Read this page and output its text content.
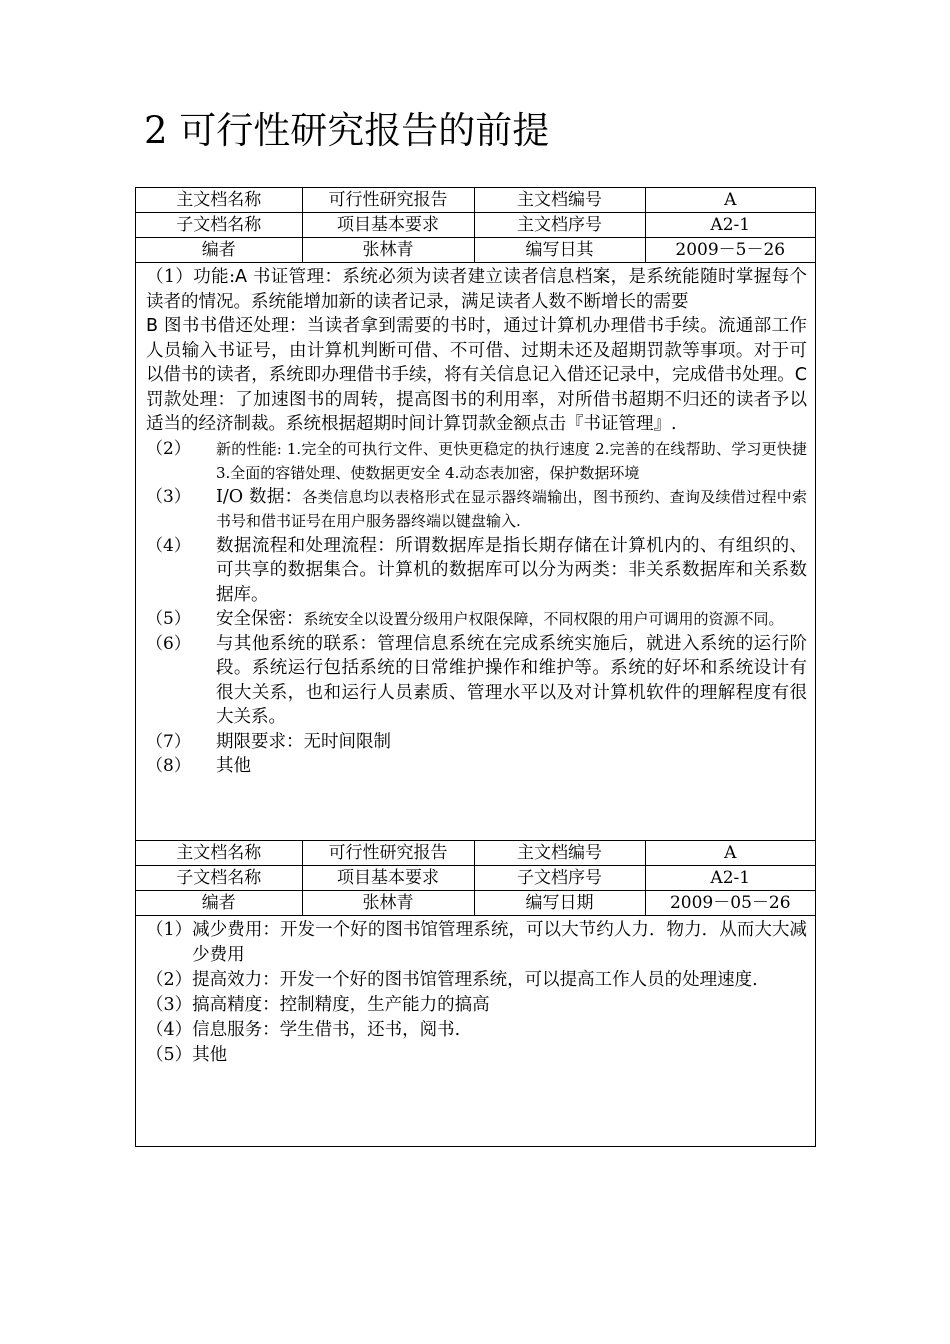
2 可行性研究报告的前提
主文档名称	可行性研究报告	主文档编号	A
子文档名称	项目基本要求	主文档序号	A2-1
编者	张林青	编写日其	2009－5－26
（1）功能:A 书证管理：系统必须为读者建立读者信息档案，是系统能随时掌握每个读者的情况。系统能增加新的读者记录，满足读者人数不断增长的需要
B 图书书借还处理：当读者拿到需要的书时，通过计算机办理借书手续。流通部工作人员输入书证号，由计算机判断可借、不可借、过期未还及超期罚款等事项。对于可以借书的读者，系统即办理借书手续，将有关信息记入借还记录中，完成借书处理。C 罚款处理：了加速图书的周转，提高图书的利用率，对所借书超期不归还的读者予以适当的经济制裁。系统根据超期时间计算罚款金额点击『书证管理』.
（2）	新的性能: 1.完全的可执行文件、更快更稳定的执行速度 2.完善的在线帮助、学习更快捷 3.全面的容错处理、使数据更安全 4.动态表加密，保护数据环境
（3）	I/O 数据：各类信息均以表格形式在显示器终端输出，图书预约、查询及续借过程中索书号和借书证号在用户服务器终端以键盘输入.
（4）	数据流程和处理流程：所谓数据库是指长期存储在计算机内的、有组织的、可共享的数据集合。计算机的数据库可以分为两类：非关系数据库和关系数据库。
（5）	安全保密：系统安全以设置分级用户权限保障，不同权限的用户可调用的资源不同。
（6）	与其他系统的联系：管理信息系统在完成系统实施后，就进入系统的运行阶段。系统运行包括系统的日常维护操作和维护等。系统的好坏和系统设计有很大关系，也和运行人员素质、管理水平以及对计算机软件的理解程度有很大关系。
（7）	期限要求：无时间限制
（8）	其他
主文档名称	可行性研究报告	主文档编号	A
子文档名称	项目基本要求	子文档序号	A2-1
编者	张林青	编写日期	2009－05－26
（1） 减少费用：开发一个好的图书馆管理系统，可以大节约人力．物力．从而大大减少费用
（2） 提高效力：开发一个好的图书馆管理系统，可以提高工作人员的处理速度.
（3） 搞高精度：控制精度，生产能力的搞高
（4） 信息服务：学生借书，还书，阅书.
（5） 其他
